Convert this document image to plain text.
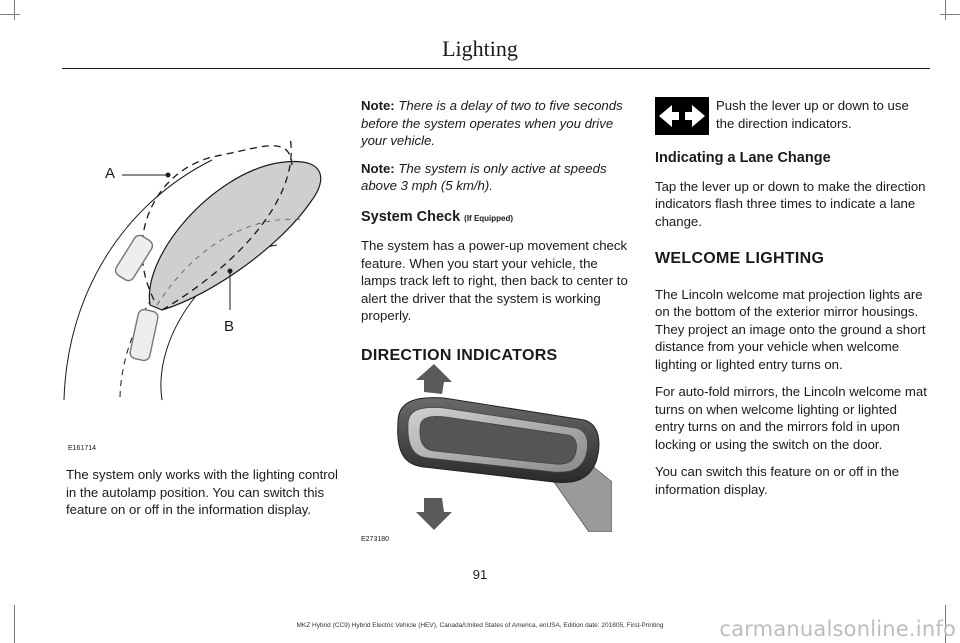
Lighting
A
B
E161714

The system only works with the lighting control in the autolamp position. You can switch this feature on or off in the information display.

Note: There is a delay of two to five seconds before the system operates when you drive your vehicle.

Note: The system is only active at speeds above 3 mph (5 km/h).

System Check (If Equipped)

The system has a power-up movement check feature. When you start your vehicle, the lamps track left to right, then back to center to alert the driver that the system is working properly.

DIRECTION INDICATORS
E273180

Push the lever up or down to use the direction indicators.

Indicating a Lane Change

Tap the lever up or down to make the direction indicators flash three times to indicate a lane change.

WELCOME LIGHTING

The Lincoln welcome mat projection lights are on the bottom of the exterior mirror housings. They project an image onto the ground a short distance from your vehicle when welcome lighting or lighted entry turns on.

For auto-fold mirrors, the Lincoln welcome mat turns on when welcome lighting or lighted entry turns on and the mirrors fold in upon locking or using the switch on the door.

You can switch this feature on or off in the information display.

91
MKZ Hybrid (CC9) Hybrid Electric Vehicle (HEV), Canada/United States of America, enUSA, Edition date: 201805, First-Printing	carmanualsonline.info
